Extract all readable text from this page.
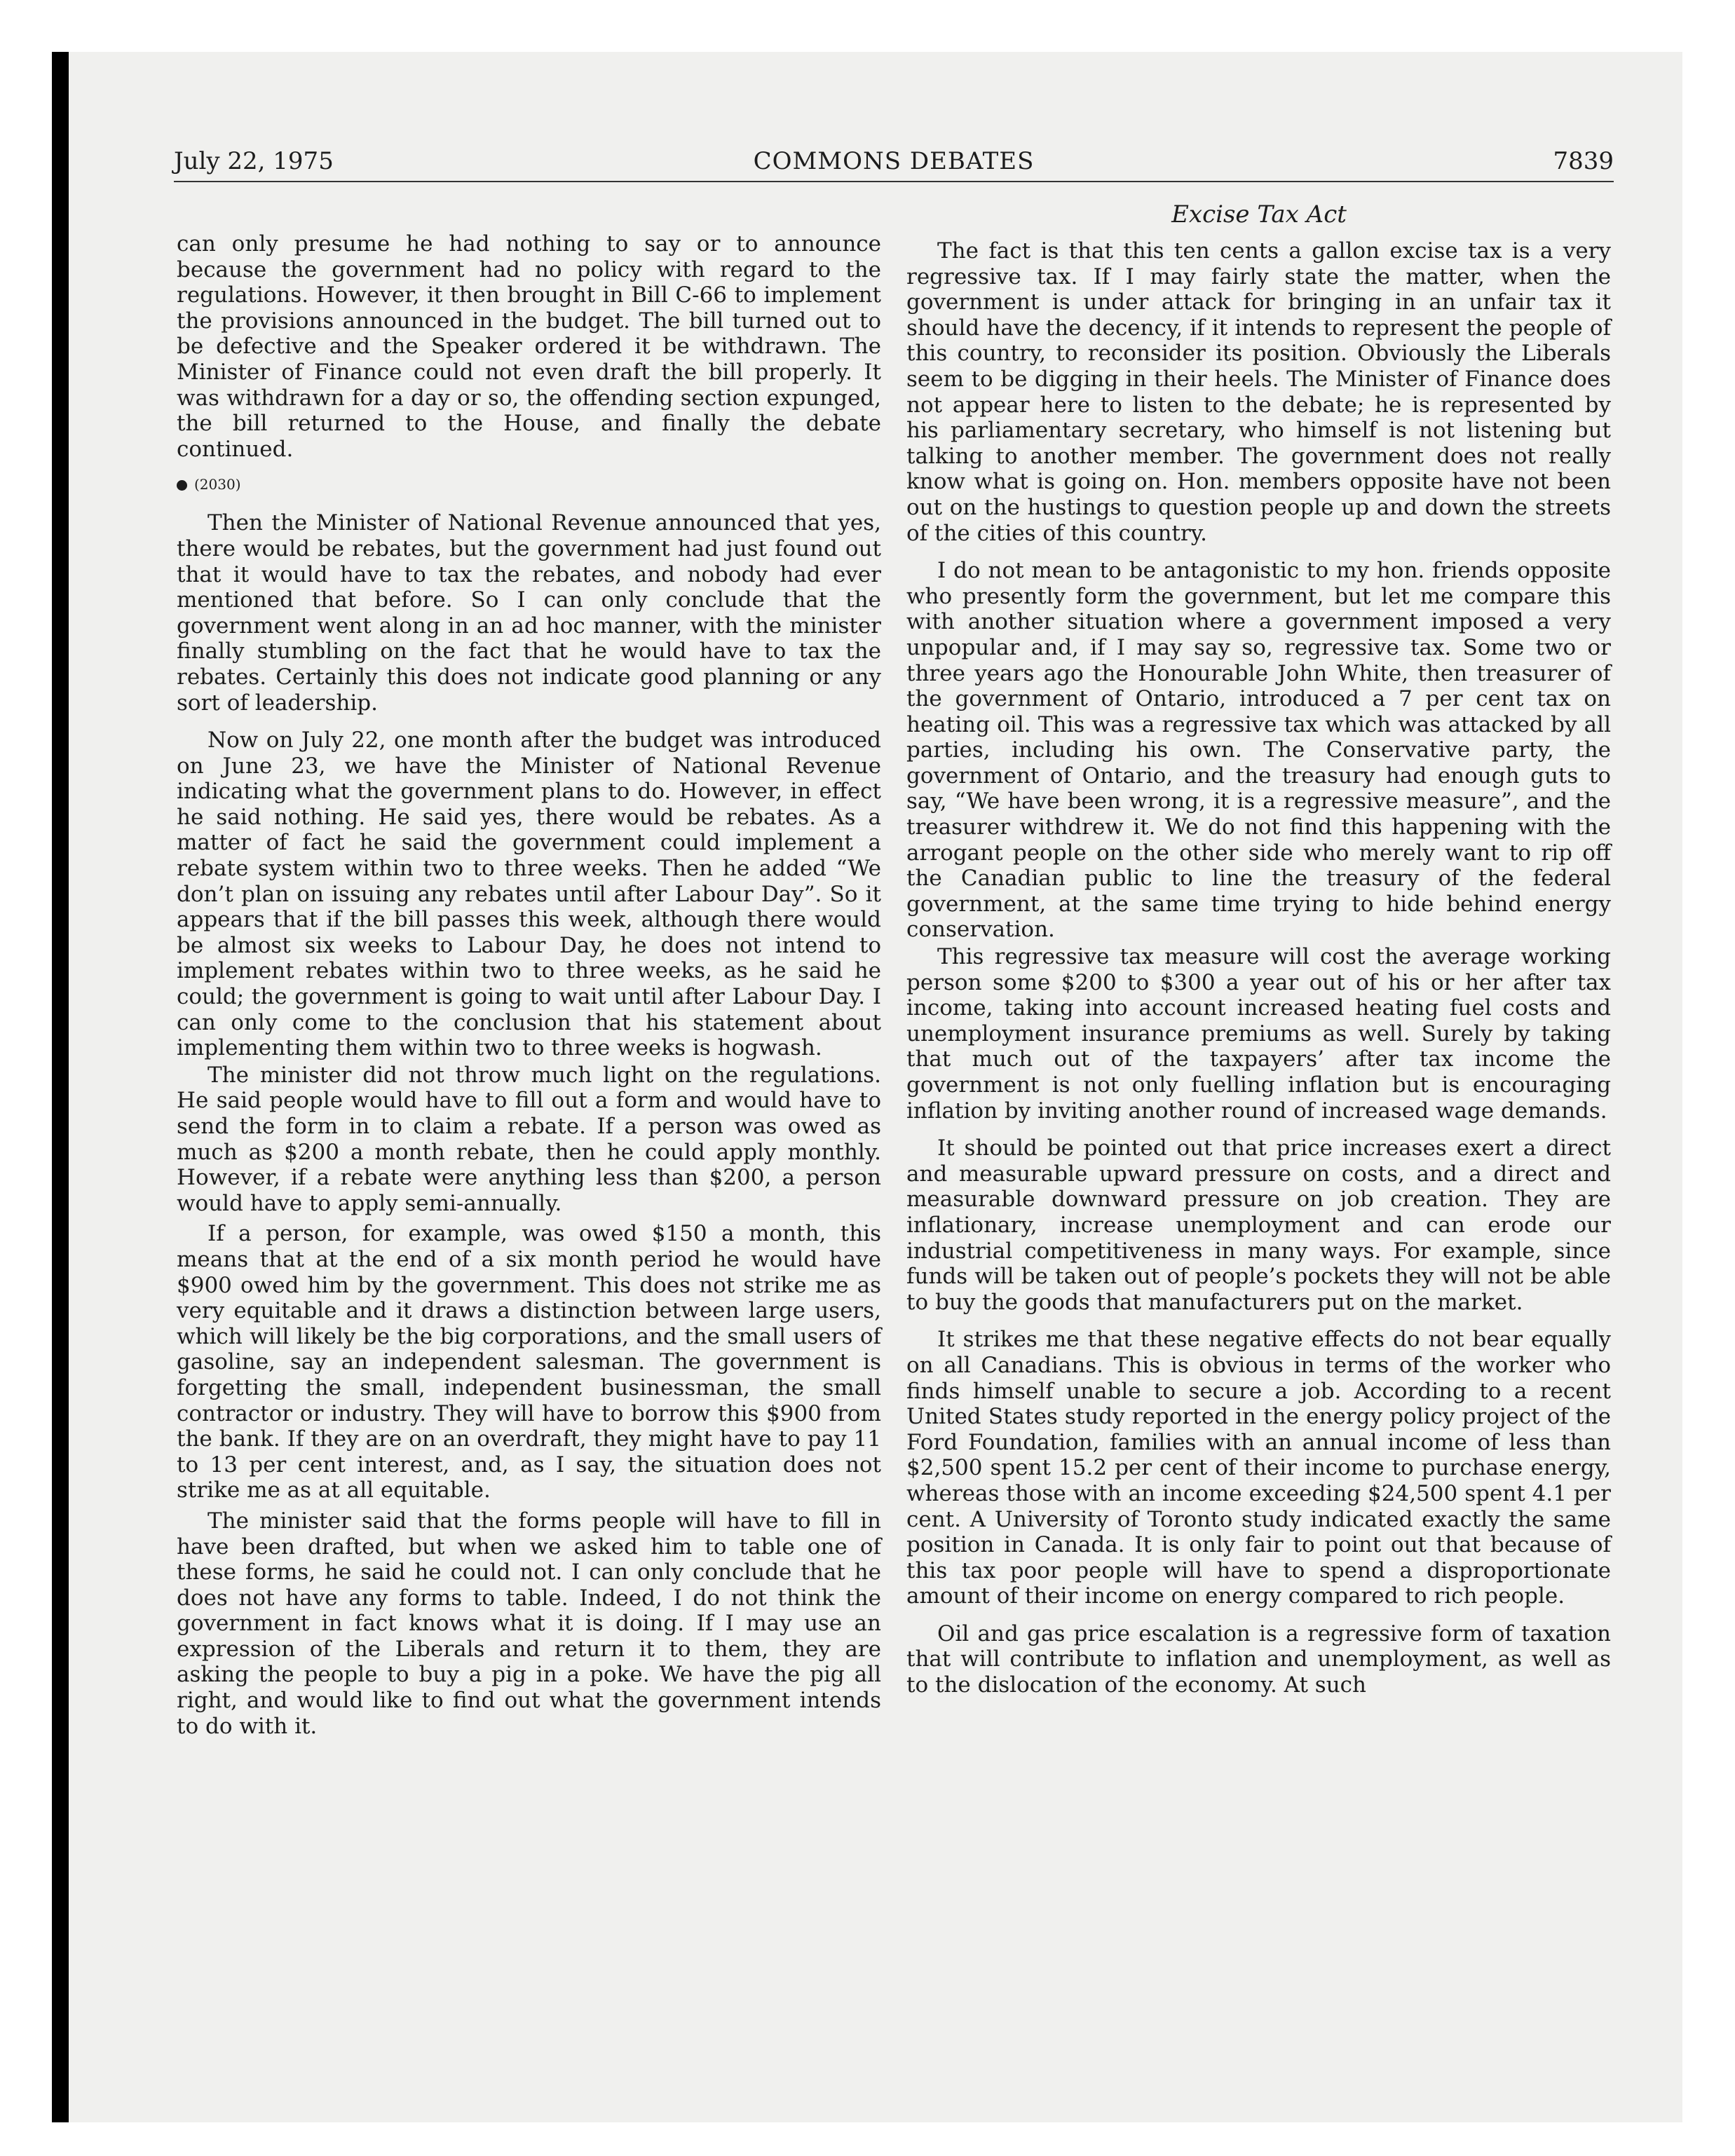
July 22, 1975	COMMONS DEBATES	7839
Excise Tax Act

can only presume he had nothing to say or to announce because the government had no policy with regard to the regulations. However, it then brought in Bill C-66 to implement the provisions announced in the budget. The bill turned out to be defective and the Speaker ordered it be withdrawn. The Minister of Finance could not even draft the bill properly. It was withdrawn for a day or so, the offending section expunged, the bill returned to the House, and finally the debate continued.

(2030)

Then the Minister of National Revenue announced that yes, there would be rebates, but the government had just found out that it would have to tax the rebates, and nobody had ever mentioned that before. So I can only conclude that the government went along in an ad hoc manner, with the minister finally stumbling on the fact that he would have to tax the rebates. Certainly this does not indicate good planning or any sort of leadership.

Now on July 22, one month after the budget was introduced on June 23, we have the Minister of National Revenue indicating what the government plans to do. However, in effect he said nothing. He said yes, there would be rebates. As a matter of fact he said the government could implement a rebate system within two to three weeks. Then he added “We don’t plan on issuing any rebates until after Labour Day”. So it appears that if the bill passes this week, although there would be almost six weeks to Labour Day, he does not intend to implement rebates within two to three weeks, as he said he could; the government is going to wait until after Labour Day. I can only come to the conclusion that his statement about implementing them within two to three weeks is hogwash.

The minister did not throw much light on the regulations. He said people would have to fill out a form and would have to send the form in to claim a rebate. If a person was owed as much as $200 a month rebate, then he could apply monthly. However, if a rebate were anything less than $200, a person would have to apply semi-annually.

If a person, for example, was owed $150 a month, this means that at the end of a six month period he would have $900 owed him by the government. This does not strike me as very equitable and it draws a distinction between large users, which will likely be the big corporations, and the small users of gasoline, say an independent salesman. The government is forgetting the small, independent businessman, the small contractor or industry. They will have to borrow this $900 from the bank. If they are on an overdraft, they might have to pay 11 to 13 per cent interest, and, as I say, the situation does not strike me as at all equitable.

The minister said that the forms people will have to fill in have been drafted, but when we asked him to table one of these forms, he said he could not. I can only conclude that he does not have any forms to table. Indeed, I do not think the government in fact knows what it is doing. If I may use an expression of the Liberals and return it to them, they are asking the people to buy a pig in a poke. We have the pig all right, and would like to find out what the government intends to do with it.

The fact is that this ten cents a gallon excise tax is a very regressive tax. If I may fairly state the matter, when the government is under attack for bringing in an unfair tax it should have the decency, if it intends to represent the people of this country, to reconsider its position. Obviously the Liberals seem to be digging in their heels. The Minister of Finance does not appear here to listen to the debate; he is represented by his parliamentary secretary, who himself is not listening but talking to another member. The government does not really know what is going on. Hon. members opposite have not been out on the hustings to question people up and down the streets of the cities of this country.

I do not mean to be antagonistic to my hon. friends opposite who presently form the government, but let me compare this with another situation where a government imposed a very unpopular and, if I may say so, regressive tax. Some two or three years ago the Honourable John White, then treasurer of the government of Ontario, introduced a 7 per cent tax on heating oil. This was a regressive tax which was attacked by all parties, including his own. The Conservative party, the government of Ontario, and the treasury had enough guts to say, “We have been wrong, it is a regressive measure”, and the treasurer withdrew it. We do not find this happening with the arrogant people on the other side who merely want to rip off the Canadian public to line the treasury of the federal government, at the same time trying to hide behind energy conservation.

This regressive tax measure will cost the average working person some $200 to $300 a year out of his or her after tax income, taking into account increased heating fuel costs and unemployment insurance premiums as well. Surely by taking that much out of the taxpayers’ after tax income the government is not only fuelling inflation but is encouraging inflation by inviting another round of increased wage demands.

It should be pointed out that price increases exert a direct and measurable upward pressure on costs, and a direct and measurable downward pressure on job creation. They are inflationary, increase unemployment and can erode our industrial competitiveness in many ways. For example, since funds will be taken out of people’s pockets they will not be able to buy the goods that manufacturers put on the market.

It strikes me that these negative effects do not bear equally on all Canadians. This is obvious in terms of the worker who finds himself unable to secure a job. According to a recent United States study reported in the energy policy project of the Ford Foundation, families with an annual income of less than $2,500 spent 15.2 per cent of their income to purchase energy, whereas those with an income exceeding $24,500 spent 4.1 per cent. A University of Toronto study indicated exactly the same position in Canada. It is only fair to point out that because of this tax poor people will have to spend a disproportionate amount of their income on energy compared to rich people.

Oil and gas price escalation is a regressive form of taxation that will contribute to inflation and unemployment, as well as to the dislocation of the economy. At such
